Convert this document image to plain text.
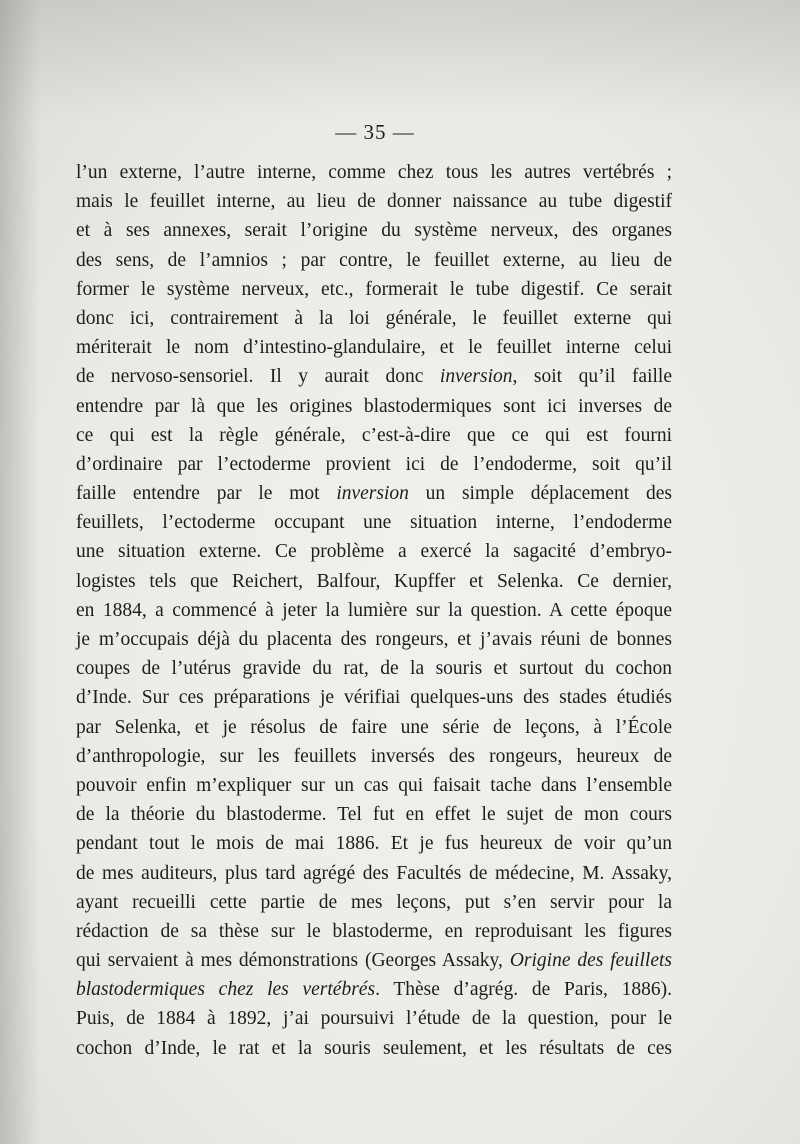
— 35 —
l’un externe, l’autre interne, comme chez tous les autres vertébrés ;
mais le feuillet interne, au lieu de donner naissance au tube digestif
et à ses annexes, serait l’origine du système nerveux, des organes
des sens, de l’amnios ; par contre, le feuillet externe, au lieu de
former le système nerveux, etc., formerait le tube digestif. Ce serait
donc ici, contrairement à la loi générale, le feuillet externe qui
mériterait le nom d’intestino-glandulaire, et le feuillet interne celui
de nervoso-sensoriel. Il y aurait donc inversion, soit qu’il faille
entendre par là que les origines blastodermiques sont ici inverses de
ce qui est la règle générale, c’est-à-dire que ce qui est fourni
d’ordinaire par l’ectoderme provient ici de l’endoderme, soit qu’il
faille entendre par le mot inversion un simple déplacement des
feuillets, l’ectoderme occupant une situation interne, l’endoderme
une situation externe. Ce problème a exercé la sagacité d’embryo-
logistes tels que Reichert, Balfour, Kupffer et Selenka. Ce dernier,
en 1884, a commencé à jeter la lumière sur la question. A cette époque
je m’occupais déjà du placenta des rongeurs, et j’avais réuni de bonnes
coupes de l’utérus gravide du rat, de la souris et surtout du cochon
d’Inde. Sur ces préparations je vérifiai quelques-uns des stades étudiés
par Selenka, et je résolus de faire une série de leçons, à l’École
d’anthropologie, sur les feuillets inversés des rongeurs, heureux de
pouvoir enfin m’expliquer sur un cas qui faisait tache dans l’ensemble
de la théorie du blastoderme. Tel fut en effet le sujet de mon cours
pendant tout le mois de mai 1886. Et je fus heureux de voir qu’un
de mes auditeurs, plus tard agrégé des Facultés de médecine, M. Assaky,
ayant recueilli cette partie de mes leçons, put s’en servir pour la
rédaction de sa thèse sur le blastoderme, en reproduisant les figures
qui servaient à mes démonstrations (Georges Assaky, Origine des feuillets
blastodermiques chez les vertébrés. Thèse d’agrég. de Paris, 1886).
Puis, de 1884 à 1892, j’ai poursuivi l’étude de la question, pour le
cochon d’Inde, le rat et la souris seulement, et les résultats de ces
